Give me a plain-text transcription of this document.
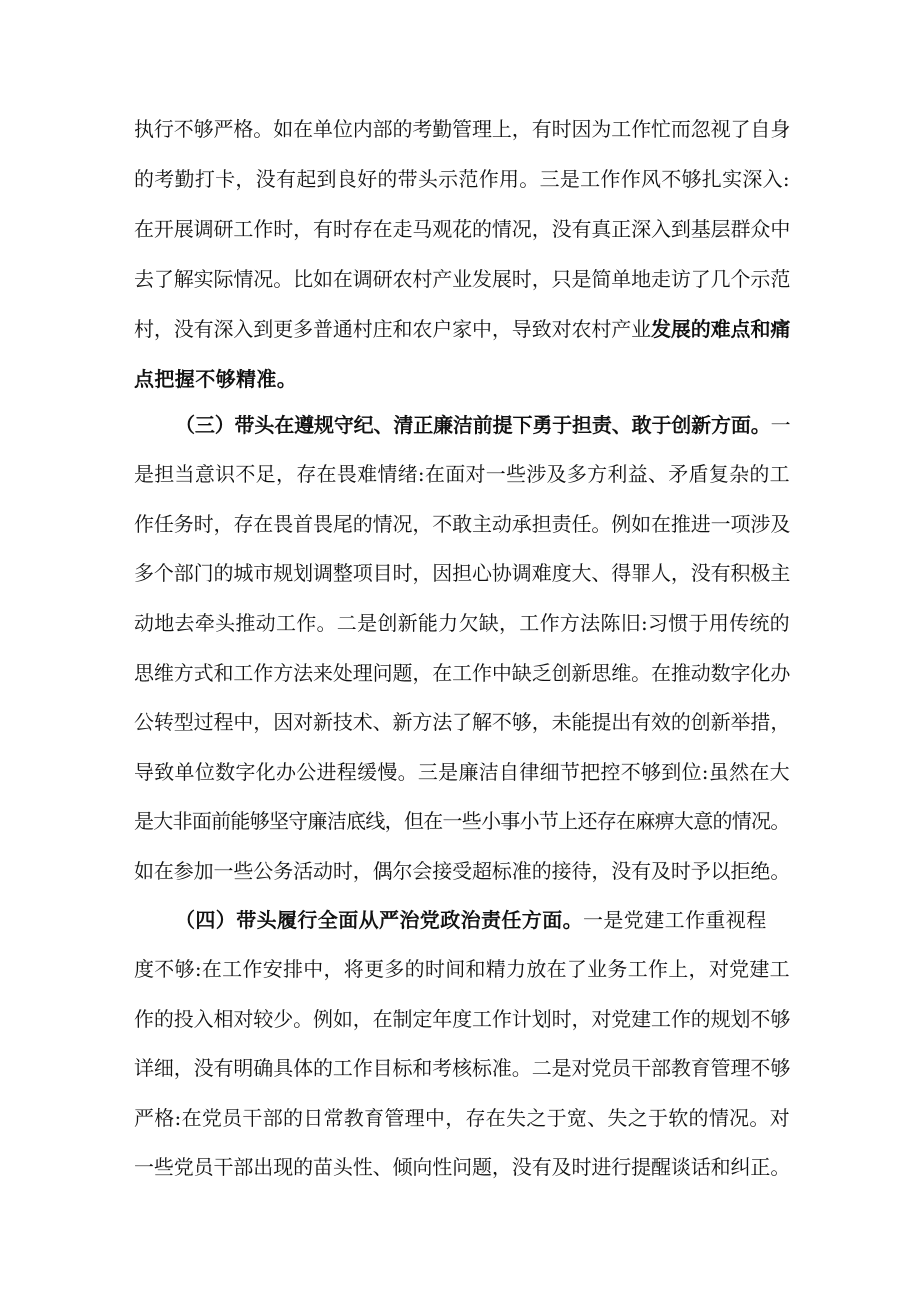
执行不够严格。如在单位内部的考勤管理上，有时因为工作忙而忽视了自身
的考勤打卡，没有起到良好的带头示范作用。三是工作作风不够扎实深入:
在开展调研工作时，有时存在走马观花的情况，没有真正深入到基层群众中
去了解实际情况。比如在调研农村产业发展时，只是简单地走访了几个示范
村，没有深入到更多普通村庄和农户家中，导致对农村产业发展的难点和痛
点把握不够精准。
（三）带头在遵规守纪、清正廉洁前提下勇于担责、敢于创新方面。一
是担当意识不足，存在畏难情绪:在面对一些涉及多方利益、矛盾复杂的工
作任务时，存在畏首畏尾的情况，不敢主动承担责任。例如在推进一项涉及
多个部门的城市规划调整项目时，因担心协调难度大、得罪人，没有积极主
动地去牵头推动工作。二是创新能力欠缺，工作方法陈旧:习惯于用传统的
思维方式和工作方法来处理问题，在工作中缺乏创新思维。在推动数字化办
公转型过程中，因对新技术、新方法了解不够，未能提出有效的创新举措，
导致单位数字化办公进程缓慢。三是廉洁自律细节把控不够到位:虽然在大
是大非面前能够坚守廉洁底线，但在一些小事小节上还存在麻痹大意的情况。
如在参加一些公务活动时，偶尔会接受超标准的接待，没有及时予以拒绝。
（四）带头履行全面从严治党政治责任方面。一是党建工作重视程
度不够:在工作安排中，将更多的时间和精力放在了业务工作上，对党建工
作的投入相对较少。例如，在制定年度工作计划时，对党建工作的规划不够
详细，没有明确具体的工作目标和考核标准。二是对党员干部教育管理不够
严格:在党员干部的日常教育管理中，存在失之于宽、失之于软的情况。对
一些党员干部出现的苗头性、倾向性问题，没有及时进行提醒谈话和纠正。
